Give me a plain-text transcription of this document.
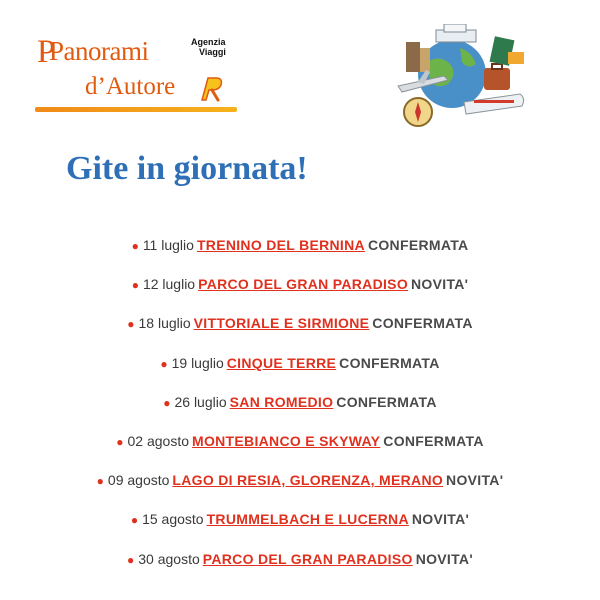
P
Panorami
d’Autore
Agenzia
Viaggi
Gite in giornata!
● 11 luglio TRENINO DEL BERNINA CONFERMATA
● 12 luglio PARCO DEL GRAN PARADISO NOVITA'
● 18 luglio VITTORIALE E SIRMIONE CONFERMATA
● 19 luglio CINQUE TERRE CONFERMATA
● 26 luglio SAN ROMEDIO CONFERMATA
● 02 agosto MONTEBIANCO E SKYWAY CONFERMATA
● 09 agosto LAGO DI RESIA, GLORENZA, MERANO NOVITA'
● 15 agosto TRUMMELBACH E LUCERNA NOVITA'
● 30 agosto PARCO DEL GRAN PARADISO NOVITA'
